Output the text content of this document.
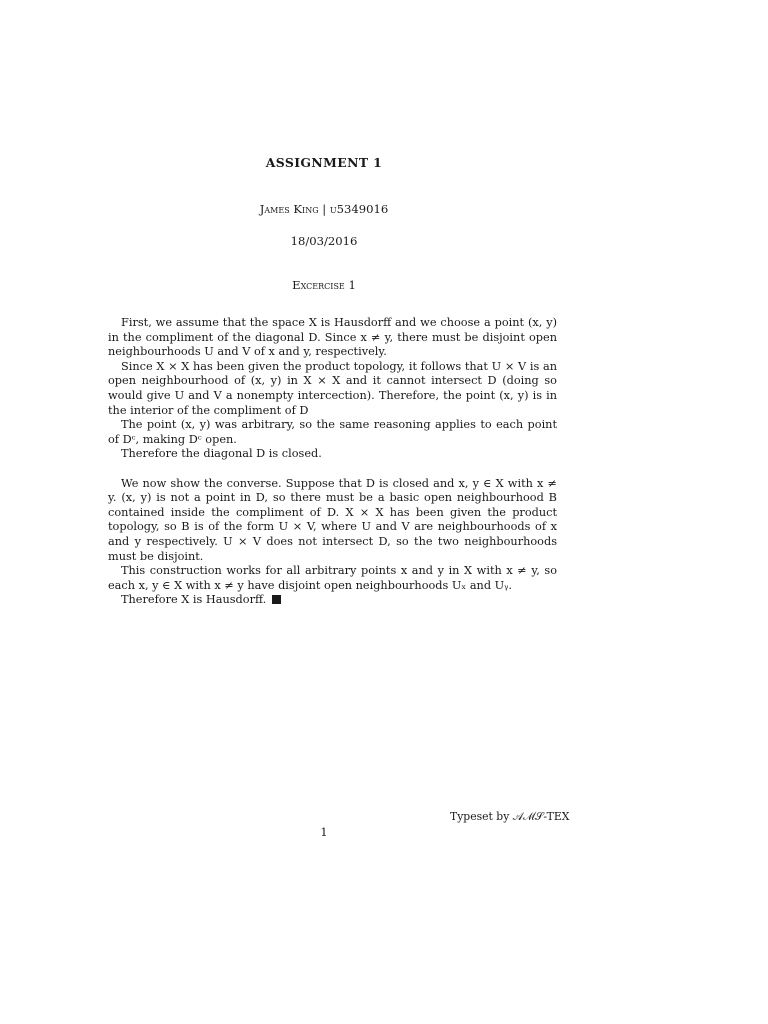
ASSIGNMENT 1
James King | u5349016
18/03/2016
Excercise 1

First, we assume that the space X is Hausdorff and we choose a point (x, y) in the compliment of the diagonal D. Since x ≠ y, there must be disjoint open neighbourhoods U and V of x and y, respectively.

Since X × X has been given the product topology, it follows that U × V is an open neighbourhood of (x, y) in X × X and it cannot intersect D (doing so would give U and V a nonempty intercection). Therefore, the point (x, y) is in the interior of the compliment of D

The point (x, y) was arbitrary, so the same reasoning applies to each point of Dᶜ, making Dᶜ open.

Therefore the diagonal D is closed.

We now show the converse. Suppose that D is closed and x, y ∈ X with x ≠ y. (x, y) is not a point in D, so there must be a basic open neighbourhood B contained inside the compliment of D. X × X has been given the product topology, so B is of the form U × V, where U and V are neighbourhoods of x and y respectively. U × V does not intersect D, so the two neighbourhoods must be disjoint.

This construction works for all arbitrary points x and y in X with x ≠ y, so each x, y ∈ X with x ≠ y have disjoint open neighbourhoods Uₓ and Uᵧ.

Therefore X is Hausdorff.

Typeset by 𝒜ℳ𝒮-TEX
1
